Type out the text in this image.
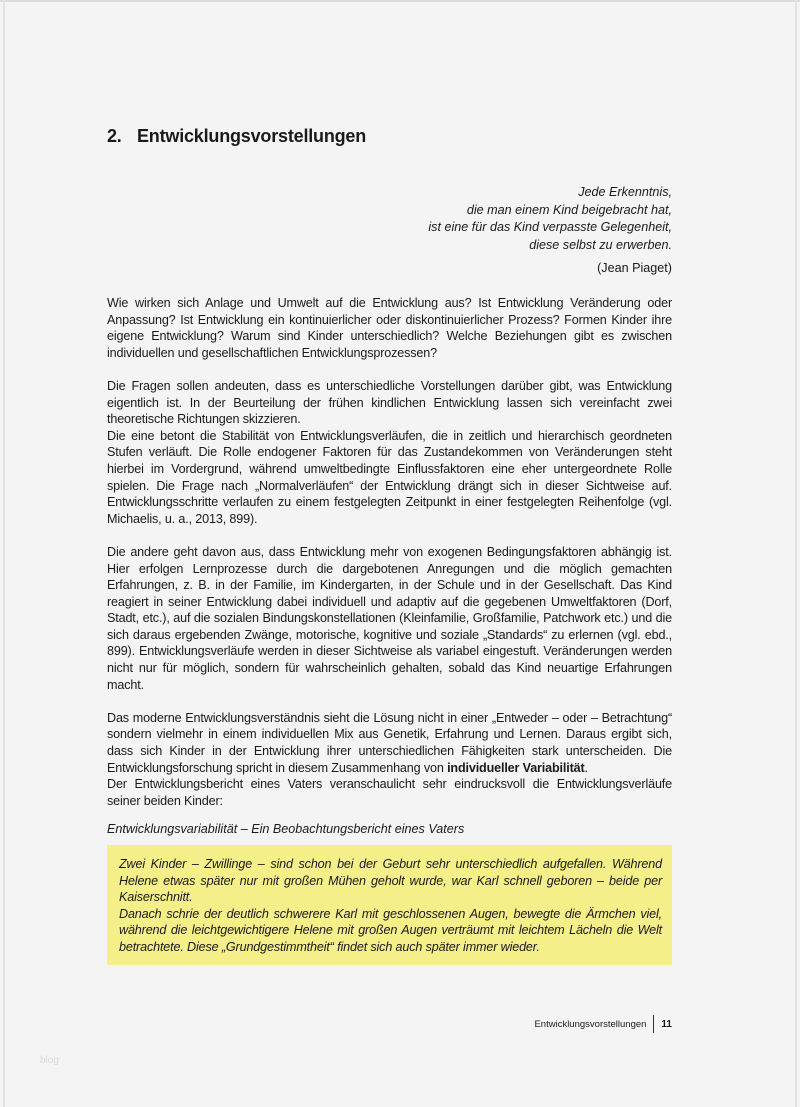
2. Entwicklungsvorstellungen
Jede Erkenntnis,
die man einem Kind beigebracht hat,
ist eine für das Kind verpasste Gelegenheit,
diese selbst zu erwerben.
(Jean Piaget)

Wie wirken sich Anlage und Umwelt auf die Entwicklung aus? Ist Entwicklung Veränderung oder Anpassung? Ist Entwicklung ein kontinuierlicher oder diskontinuierlicher Prozess? Formen Kinder ihre eigene Entwicklung? Warum sind Kinder unterschiedlich? Welche Beziehungen gibt es zwischen individuellen und gesellschaftlichen Entwicklungsprozessen?

Die Fragen sollen andeuten, dass es unterschiedliche Vorstellungen darüber gibt, was Entwicklung eigentlich ist. In der Beurteilung der frühen kindlichen Entwicklung lassen sich vereinfacht zwei theoretische Richtungen skizzieren.

Die eine betont die Stabilität von Entwicklungsverläufen, die in zeitlich und hierarchisch geordneten Stufen verläuft. Die Rolle endogener Faktoren für das Zustandekommen von Veränderungen steht hierbei im Vordergrund, während umweltbedingte Einflussfaktoren eine eher untergeordnete Rolle spielen. Die Frage nach „Normalverläufen“ der Entwicklung drängt sich in dieser Sichtweise auf. Entwicklungsschritte verlaufen zu einem festgelegten Zeitpunkt in einer festgelegten Reihenfolge (vgl. Michaelis, u. a., 2013, 899).

Die andere geht davon aus, dass Entwicklung mehr von exogenen Bedingungsfaktoren abhängig ist. Hier erfolgen Lernprozesse durch die dargebotenen Anregungen und die möglich gemachten Erfahrungen, z. B. in der Familie, im Kindergarten, in der Schule und in der Gesellschaft. Das Kind reagiert in seiner Entwicklung dabei individuell und adaptiv auf die gegebenen Umweltfaktoren (Dorf, Stadt, etc.), auf die sozialen Bindungskonstellationen (Kleinfamilie, Großfamilie, Patchwork etc.) und die sich daraus ergebenden Zwänge, motorische, kognitive und soziale „Standards“ zu erlernen (vgl. ebd., 899). Entwicklungsverläufe werden in dieser Sichtweise als variabel eingestuft. Veränderungen werden nicht nur für möglich, sondern für wahrscheinlich gehalten, sobald das Kind neuartige Erfahrungen macht.

Das moderne Entwicklungsverständnis sieht die Lösung nicht in einer „Entweder – oder – Betrachtung“ sondern vielmehr in einem individuellen Mix aus Genetik, Erfahrung und Lernen. Daraus ergibt sich, dass sich Kinder in der Entwicklung ihrer unterschiedlichen Fähigkeiten stark unterscheiden. Die Entwicklungsforschung spricht in diesem Zusammenhang von individueller Variabilität.

Der Entwicklungsbericht eines Vaters veranschaulicht sehr eindrucksvoll die Entwicklungsverläufe seiner beiden Kinder:

Entwicklungsvariabilität – Ein Beobachtungsbericht eines Vaters

Zwei Kinder – Zwillinge – sind schon bei der Geburt sehr unterschiedlich aufgefallen. Während Helene etwas später nur mit großen Mühen geholt wurde, war Karl schnell geboren – beide per Kaiserschnitt.

Danach schrie der deutlich schwerere Karl mit geschlossenen Augen, bewegte die Ärmchen viel, während die leichtgewichtigere Helene mit großen Augen verträumt mit leichtem Lächeln die Welt betrachtete. Diese „Grundgestimmtheit“ findet sich auch später immer wieder.

Entwicklungsvorstellungen 11
blog
